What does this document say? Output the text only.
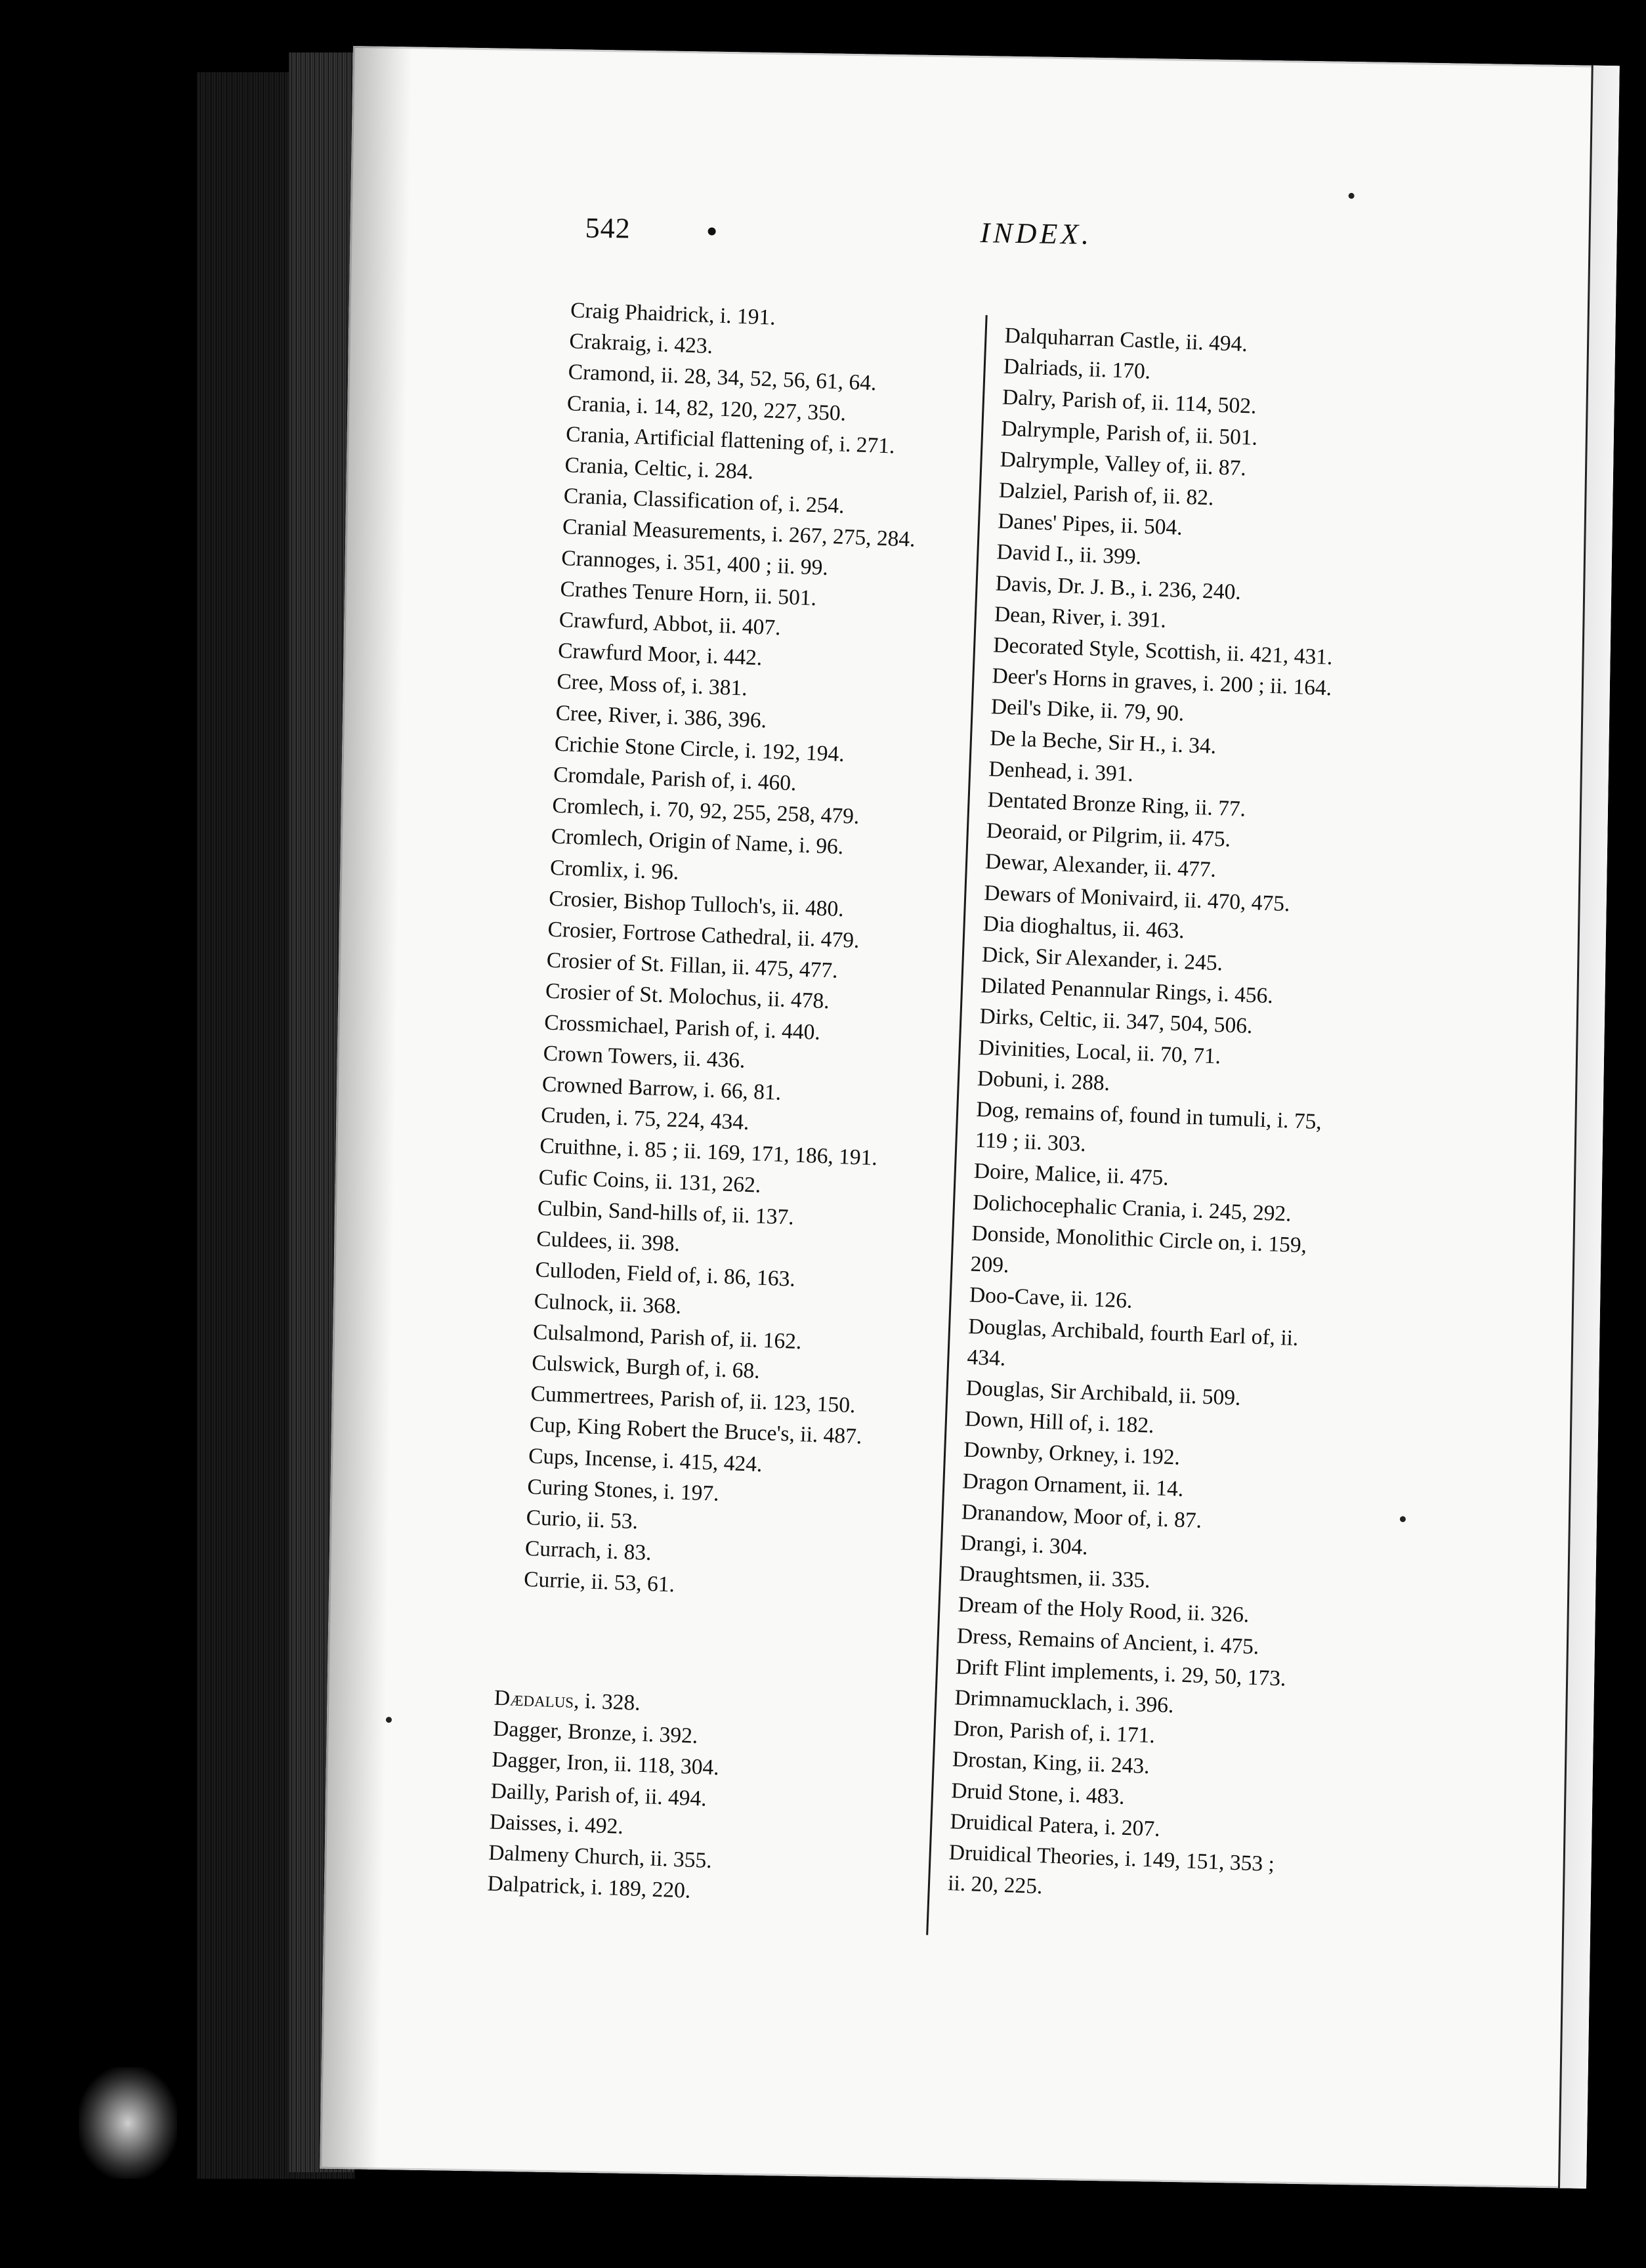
542	INDEX.
Craig Phaidrick, i. 191.
Crakraig, i. 423.
Cramond, ii. 28, 34, 52, 56, 61, 64.
Crania, i. 14, 82, 120, 227, 350.
Crania, Artificial flattening of, i. 271.
Crania, Celtic, i. 284.
Crania, Classification of, i. 254.
Cranial Measurements, i. 267, 275, 284.
Crannoges, i. 351, 400 ; ii. 99.
Crathes Tenure Horn, ii. 501.
Crawfurd, Abbot, ii. 407.
Crawfurd Moor, i. 442.
Cree, Moss of, i. 381.
Cree, River, i. 386, 396.
Crichie Stone Circle, i. 192, 194.
Cromdale, Parish of, i. 460.
Cromlech, i. 70, 92, 255, 258, 479.
Cromlech, Origin of Name, i. 96.
Cromlix, i. 96.
Crosier, Bishop Tulloch's, ii. 480.
Crosier, Fortrose Cathedral, ii. 479.
Crosier of St. Fillan, ii. 475, 477.
Crosier of St. Molochus, ii. 478.
Crossmichael, Parish of, i. 440.
Crown Towers, ii. 436.
Crowned Barrow, i. 66, 81.
Cruden, i. 75, 224, 434.
Cruithne, i. 85 ; ii. 169, 171, 186, 191.
Cufic Coins, ii. 131, 262.
Culbin, Sand-hills of, ii. 137.
Culdees, ii. 398.
Culloden, Field of, i. 86, 163.
Culnock, ii. 368.
Culsalmond, Parish of, ii. 162.
Culswick, Burgh of, i. 68.
Cummertrees, Parish of, ii. 123, 150.
Cup, King Robert the Bruce's, ii. 487.
Cups, Incense, i. 415, 424.
Curing Stones, i. 197.
Curio, ii. 53.
Currach, i. 83.
Currie, ii. 53, 61.
Dædalus, i. 328.
Dagger, Bronze, i. 392.
Dagger, Iron, ii. 118, 304.
Dailly, Parish of, ii. 494.
Daisses, i. 492.
Dalmeny Church, ii. 355.
Dalpatrick, i. 189, 220.
Dalquharran Castle, ii. 494.
Dalriads, ii. 170.
Dalry, Parish of, ii. 114, 502.
Dalrymple, Parish of, ii. 501.
Dalrymple, Valley of, ii. 87.
Dalziel, Parish of, ii. 82.
Danes' Pipes, ii. 504.
David I., ii. 399.
Davis, Dr. J. B., i. 236, 240.
Dean, River, i. 391.
Decorated Style, Scottish, ii. 421, 431.
Deer's Horns in graves, i. 200 ; ii. 164.
Deil's Dike, ii. 79, 90.
De la Beche, Sir H., i. 34.
Denhead, i. 391.
Dentated Bronze Ring, ii. 77.
Deoraid, or Pilgrim, ii. 475.
Dewar, Alexander, ii. 477.
Dewars of Monivaird, ii. 470, 475.
Dia dioghaltus, ii. 463.
Dick, Sir Alexander, i. 245.
Dilated Penannular Rings, i. 456.
Dirks, Celtic, ii. 347, 504, 506.
Divinities, Local, ii. 70, 71.
Dobuni, i. 288.
Dog, remains of, found in tumuli, i. 75,
119 ; ii. 303.
Doire, Malice, ii. 475.
Dolichocephalic Crania, i. 245, 292.
Donside, Monolithic Circle on, i. 159,
209.
Doo-Cave, ii. 126.
Douglas, Archibald, fourth Earl of, ii.
434.
Douglas, Sir Archibald, ii. 509.
Down, Hill of, i. 182.
Downby, Orkney, i. 192.
Dragon Ornament, ii. 14.
Dranandow, Moor of, i. 87.
Drangi, i. 304.
Draughtsmen, ii. 335.
Dream of the Holy Rood, ii. 326.
Dress, Remains of Ancient, i. 475.
Drift Flint implements, i. 29, 50, 173.
Drimnamucklach, i. 396.
Dron, Parish of, i. 171.
Drostan, King, ii. 243.
Druid Stone, i. 483.
Druidical Patera, i. 207.
Druidical Theories, i. 149, 151, 353 ;
ii. 20, 225.
